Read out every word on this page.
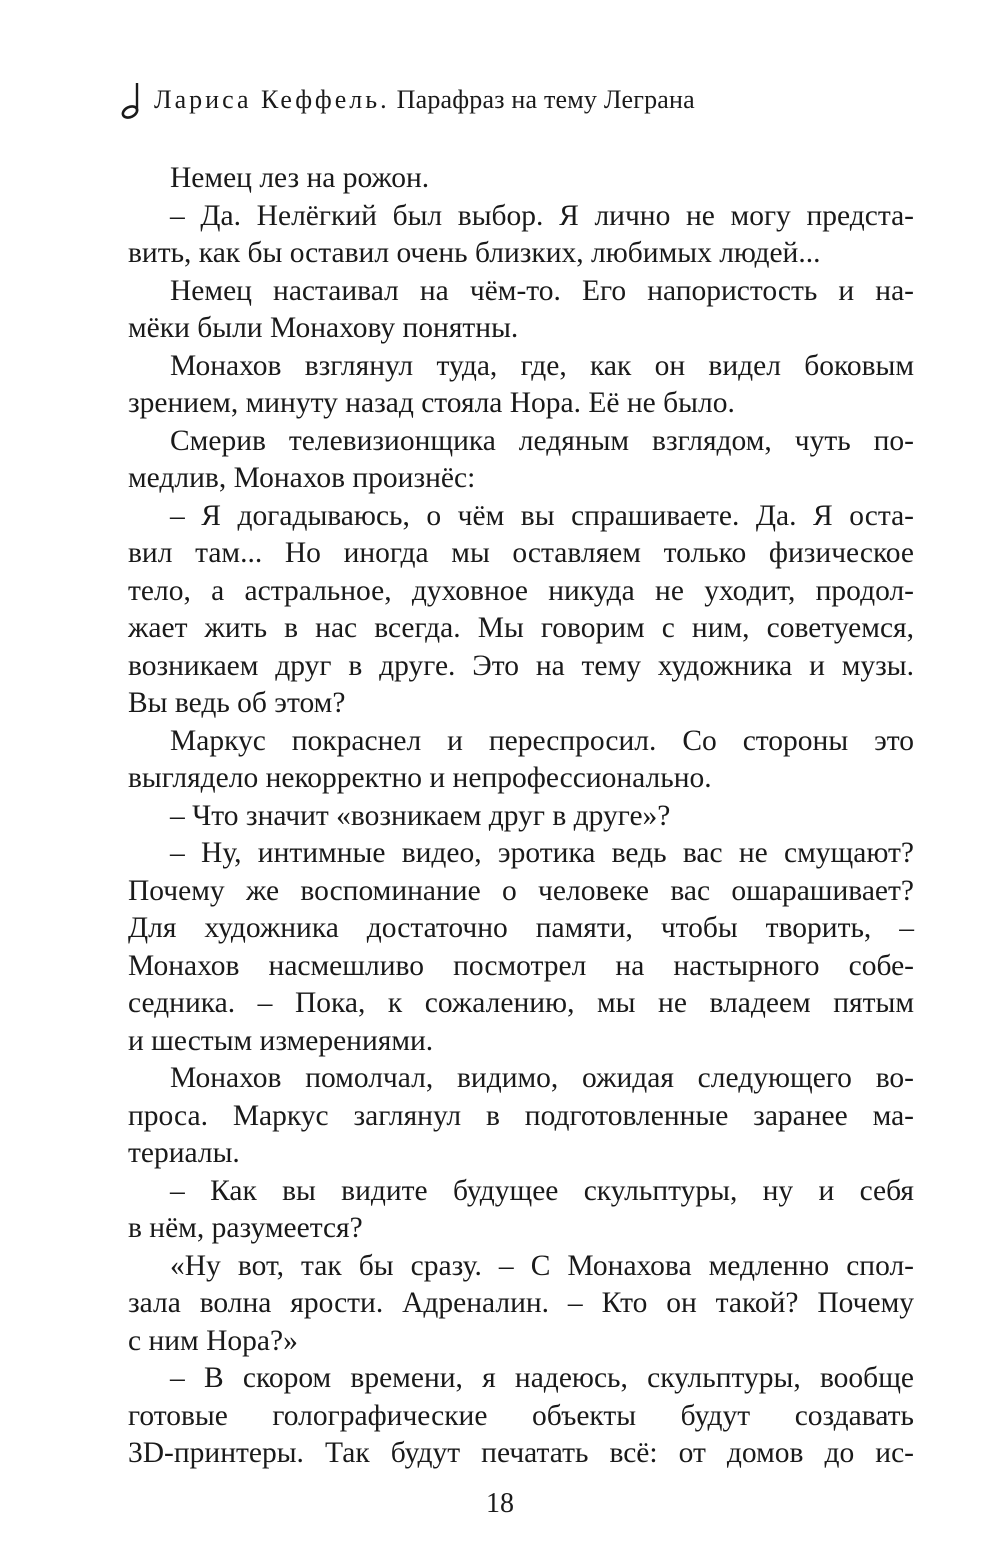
Лариса Кеффель . Парафраз на тему Леграна
Немец лез на рожон.
– Да. Нелёгкий был выбор. Я лично не могу предста-
вить, как бы оставил очень близких, любимых людей...
Немец настаивал на чём-то. Его напористость и на-
мёки были Монахову понятны.
Монахов взглянул туда, где, как он видел боковым
зрением, минуту назад стояла Нора. Её не было.
Смерив телевизионщика ледяным взглядом, чуть по-
медлив, Монахов произнёс:
– Я догадываюсь, о чём вы спрашиваете. Да. Я оста-
вил там... Но иногда мы оставляем только физическое
тело, а астральное, духовное никуда не уходит, продол-
жает жить в нас всегда. Мы говорим с ним, советуемся,
возникаем друг в друге. Это на тему художника и музы.
Вы ведь об этом?
Маркус покраснел и переспросил. Со стороны это
выглядело некорректно и непрофессионально.
– Что значит «возникаем друг в друге»?
– Ну, интимные видео, эротика ведь вас не смущают?
Почему же воспоминание о человеке вас ошарашивает?
Для художника достаточно памяти, чтобы творить, –
Монахов насмешливо посмотрел на настырного собе-
седника. – Пока, к сожалению, мы не владеем пятым
и шестым измерениями.
Монахов помолчал, видимо, ожидая следующего во-
проса. Маркус заглянул в подготовленные заранее ма-
териалы.
– Как вы видите будущее скульптуры, ну и себя
в нём, разумеется?
«Ну вот, так бы сразу. – С Монахова медленно спол-
зала волна ярости. Адреналин. – Кто он такой? Почему
с ним Нора?»
– В скором времени, я надеюсь, скульптуры, вообще
готовые голографические объекты будут создавать
3D-принтеры. Так будут печатать всё: от домов до ис-
18
